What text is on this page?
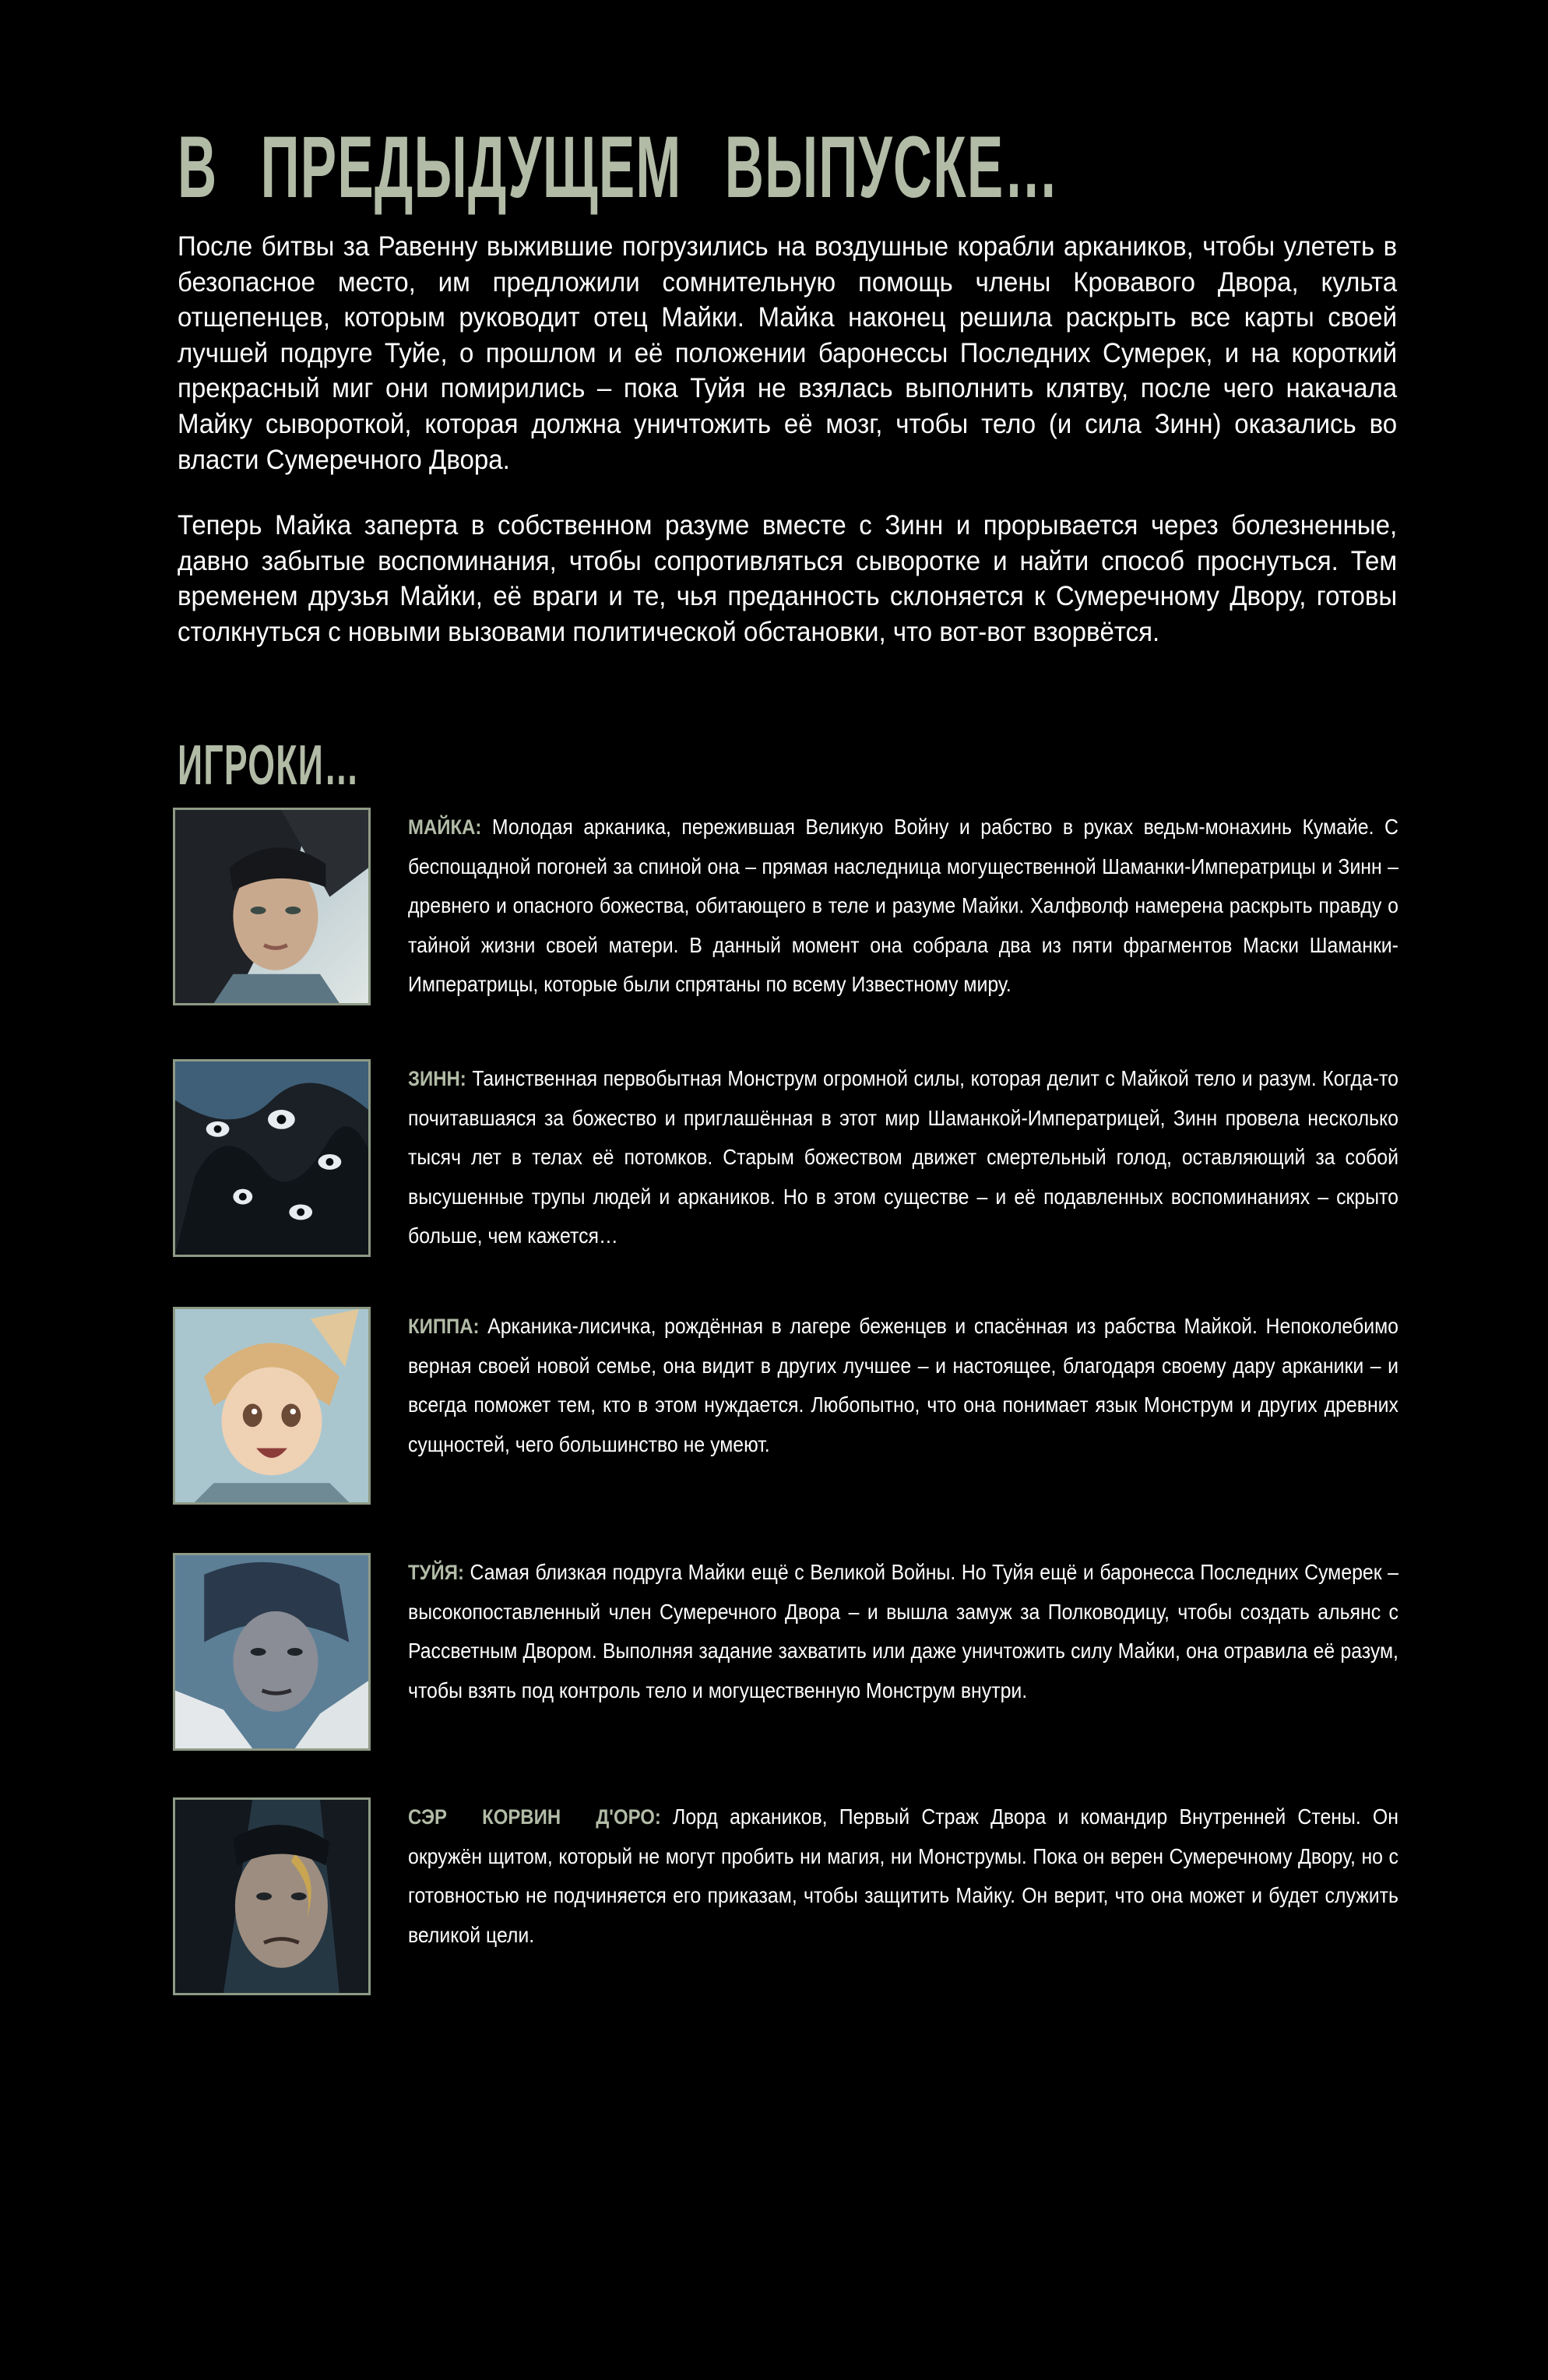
В ПРЕДЫДУЩЕМ ВЫПУСКЕ…

После битвы за Равенну выжившие погрузились на воздушные корабли аркаников, чтобы улететь в безопасное место, им предложили сомнительную помощь члены Кровавого Двора, культа отщепенцев, которым руководит отец Майки. Майка наконец решила раскрыть все карты своей лучшей подруге Туйе, о прошлом и её положении баронессы Последних Сумерек, и на короткий прекрасный миг они помирились – пока Туйя не взялась выполнить клятву, после чего накачала Майку сывороткой, которая должна уничтожить её мозг, чтобы тело (и сила Зинн) оказались во власти Сумеречного Двора.

Теперь Майка заперта в собственном разуме вместе с Зинн и прорывается через болезненные, давно забытые воспоминания, чтобы сопротивляться сыворотке и найти способ проснуться. Тем временем друзья Майки, её враги и те, чья преданность склоняется к Сумеречному Двору, готовы столкнуться с новыми вызовами политической обстановки, что вот-вот взорвётся.

ИГРОКИ…

МАЙКА: Молодая арканика, пережившая Великую Войну и рабство в руках ведьм-монахинь Кумайе. С беспощадной погоней за спиной она – прямая наследница могущественной Шаманки-Императрицы и Зинн – древнего и опасного божества, обитающего в теле и разуме Майки. Халфволф намерена раскрыть правду о тайной жизни своей матери. В данный момент она собрала два из пяти фрагментов Маски Шаманки-Императрицы, которые были спрятаны по всему Известному миру.

ЗИНН: Таинственная первобытная Монструм огромной силы, которая делит с Майкой тело и разум. Когда-то почитавшаяся за божество и приглашённая в этот мир Шаманкой-Императрицей, Зинн провела несколько тысяч лет в телах её потомков. Старым божеством движет смертельный голод, оставляющий за собой высушенные трупы людей и аркаников. Но в этом существе – и её подавленных воспоминаниях – скрыто больше, чем кажется…

КИППА: Арканика-лисичка, рождённая в лагере беженцев и спасённая из рабства Майкой. Непоколебимо верная своей новой семье, она видит в других лучшее – и настоящее, благодаря своему дару арканики – и всегда поможет тем, кто в этом нуждается. Любопытно, что она понимает язык Монструм и других древних сущностей, чего большинство не умеют.

ТУЙЯ: Самая близкая подруга Майки ещё с Великой Войны. Но Туйя ещё и баронесса Последних Сумерек – высокопоставленный член Сумеречного Двора – и вышла замуж за Полководицу, чтобы создать альянс с Рассветным Двором. Выполняя задание захватить или даже уничтожить силу Майки, она отравила её разум, чтобы взять под контроль тело и могущественную Монструм внутри.

СЭР КОРВИН Д'ОРО: Лорд аркаников, Первый Страж Двора и командир Внутренней Стены. Он окружён щитом, который не могут пробить ни магия, ни Монструмы. Пока он верен Сумеречному Двору, но с готовностью не подчиняется его приказам, чтобы защитить Майку. Он верит, что она может и будет служить великой цели.
